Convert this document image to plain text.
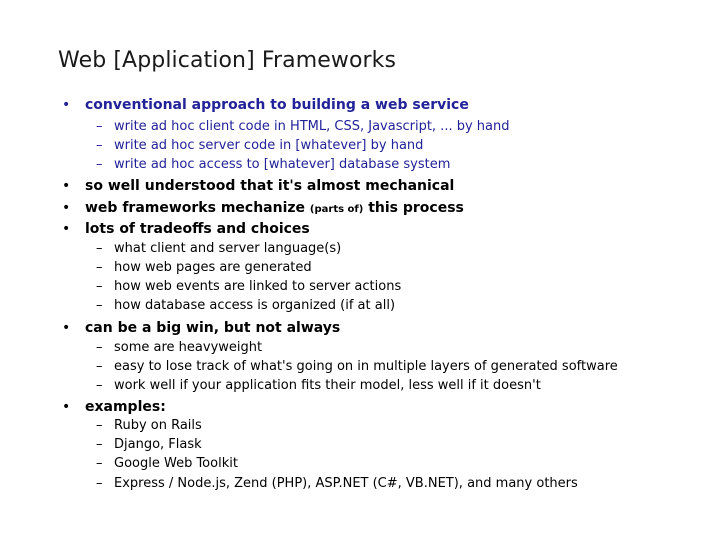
Web [Application] Frameworks
• conventional approach to building a web service
– write ad hoc client code in HTML, CSS, Javascript, ... by hand
– write ad hoc server code in [whatever] by hand
– write ad hoc access to [whatever] database system
• so well understood that it's almost mechanical
• web frameworks mechanize (parts of) this process
• lots of tradeoffs and choices
– what client and server language(s)
– how web pages are generated
– how web events are linked to server actions
– how database access is organized (if at all)
• can be a big win, but not always
– some are heavyweight
– easy to lose track of what's going on in multiple layers of generated software
– work well if your application fits their model, less well if it doesn't
• examples:
– Ruby on Rails
– Django, Flask
– Google Web Toolkit
– Express / Node.js, Zend (PHP), ASP.NET (C#, VB.NET), and many others
